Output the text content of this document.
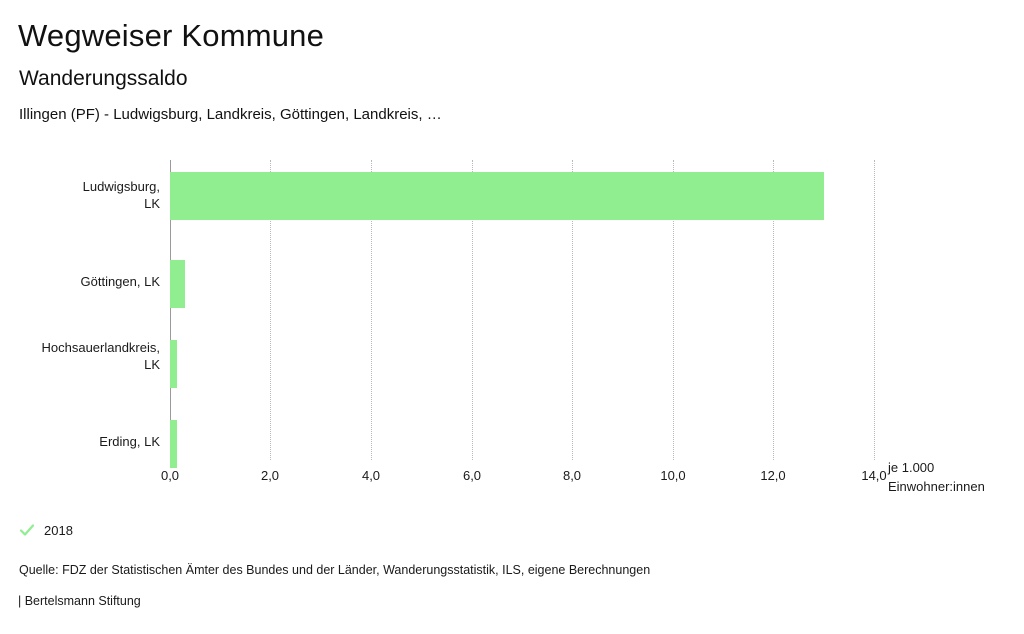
Wegweiser Kommune
Wanderungssaldo
Illingen (PF) - Ludwigsburg, Landkreis, Göttingen, Landkreis, …
Ludwigsburg,
LK
Göttingen, LK
Hochsauerlandkreis,
LK
Erding, LK
0,0	2,0	4,0	6,0	8,0	10,0	12,0	14,0
je 1.000
Einwohner:innen
2018
Quelle: FDZ der Statistischen Ämter des Bundes und der Länder, Wanderungsstatistik, ILS, eigene Berechnungen
| Bertelsmann Stiftung
